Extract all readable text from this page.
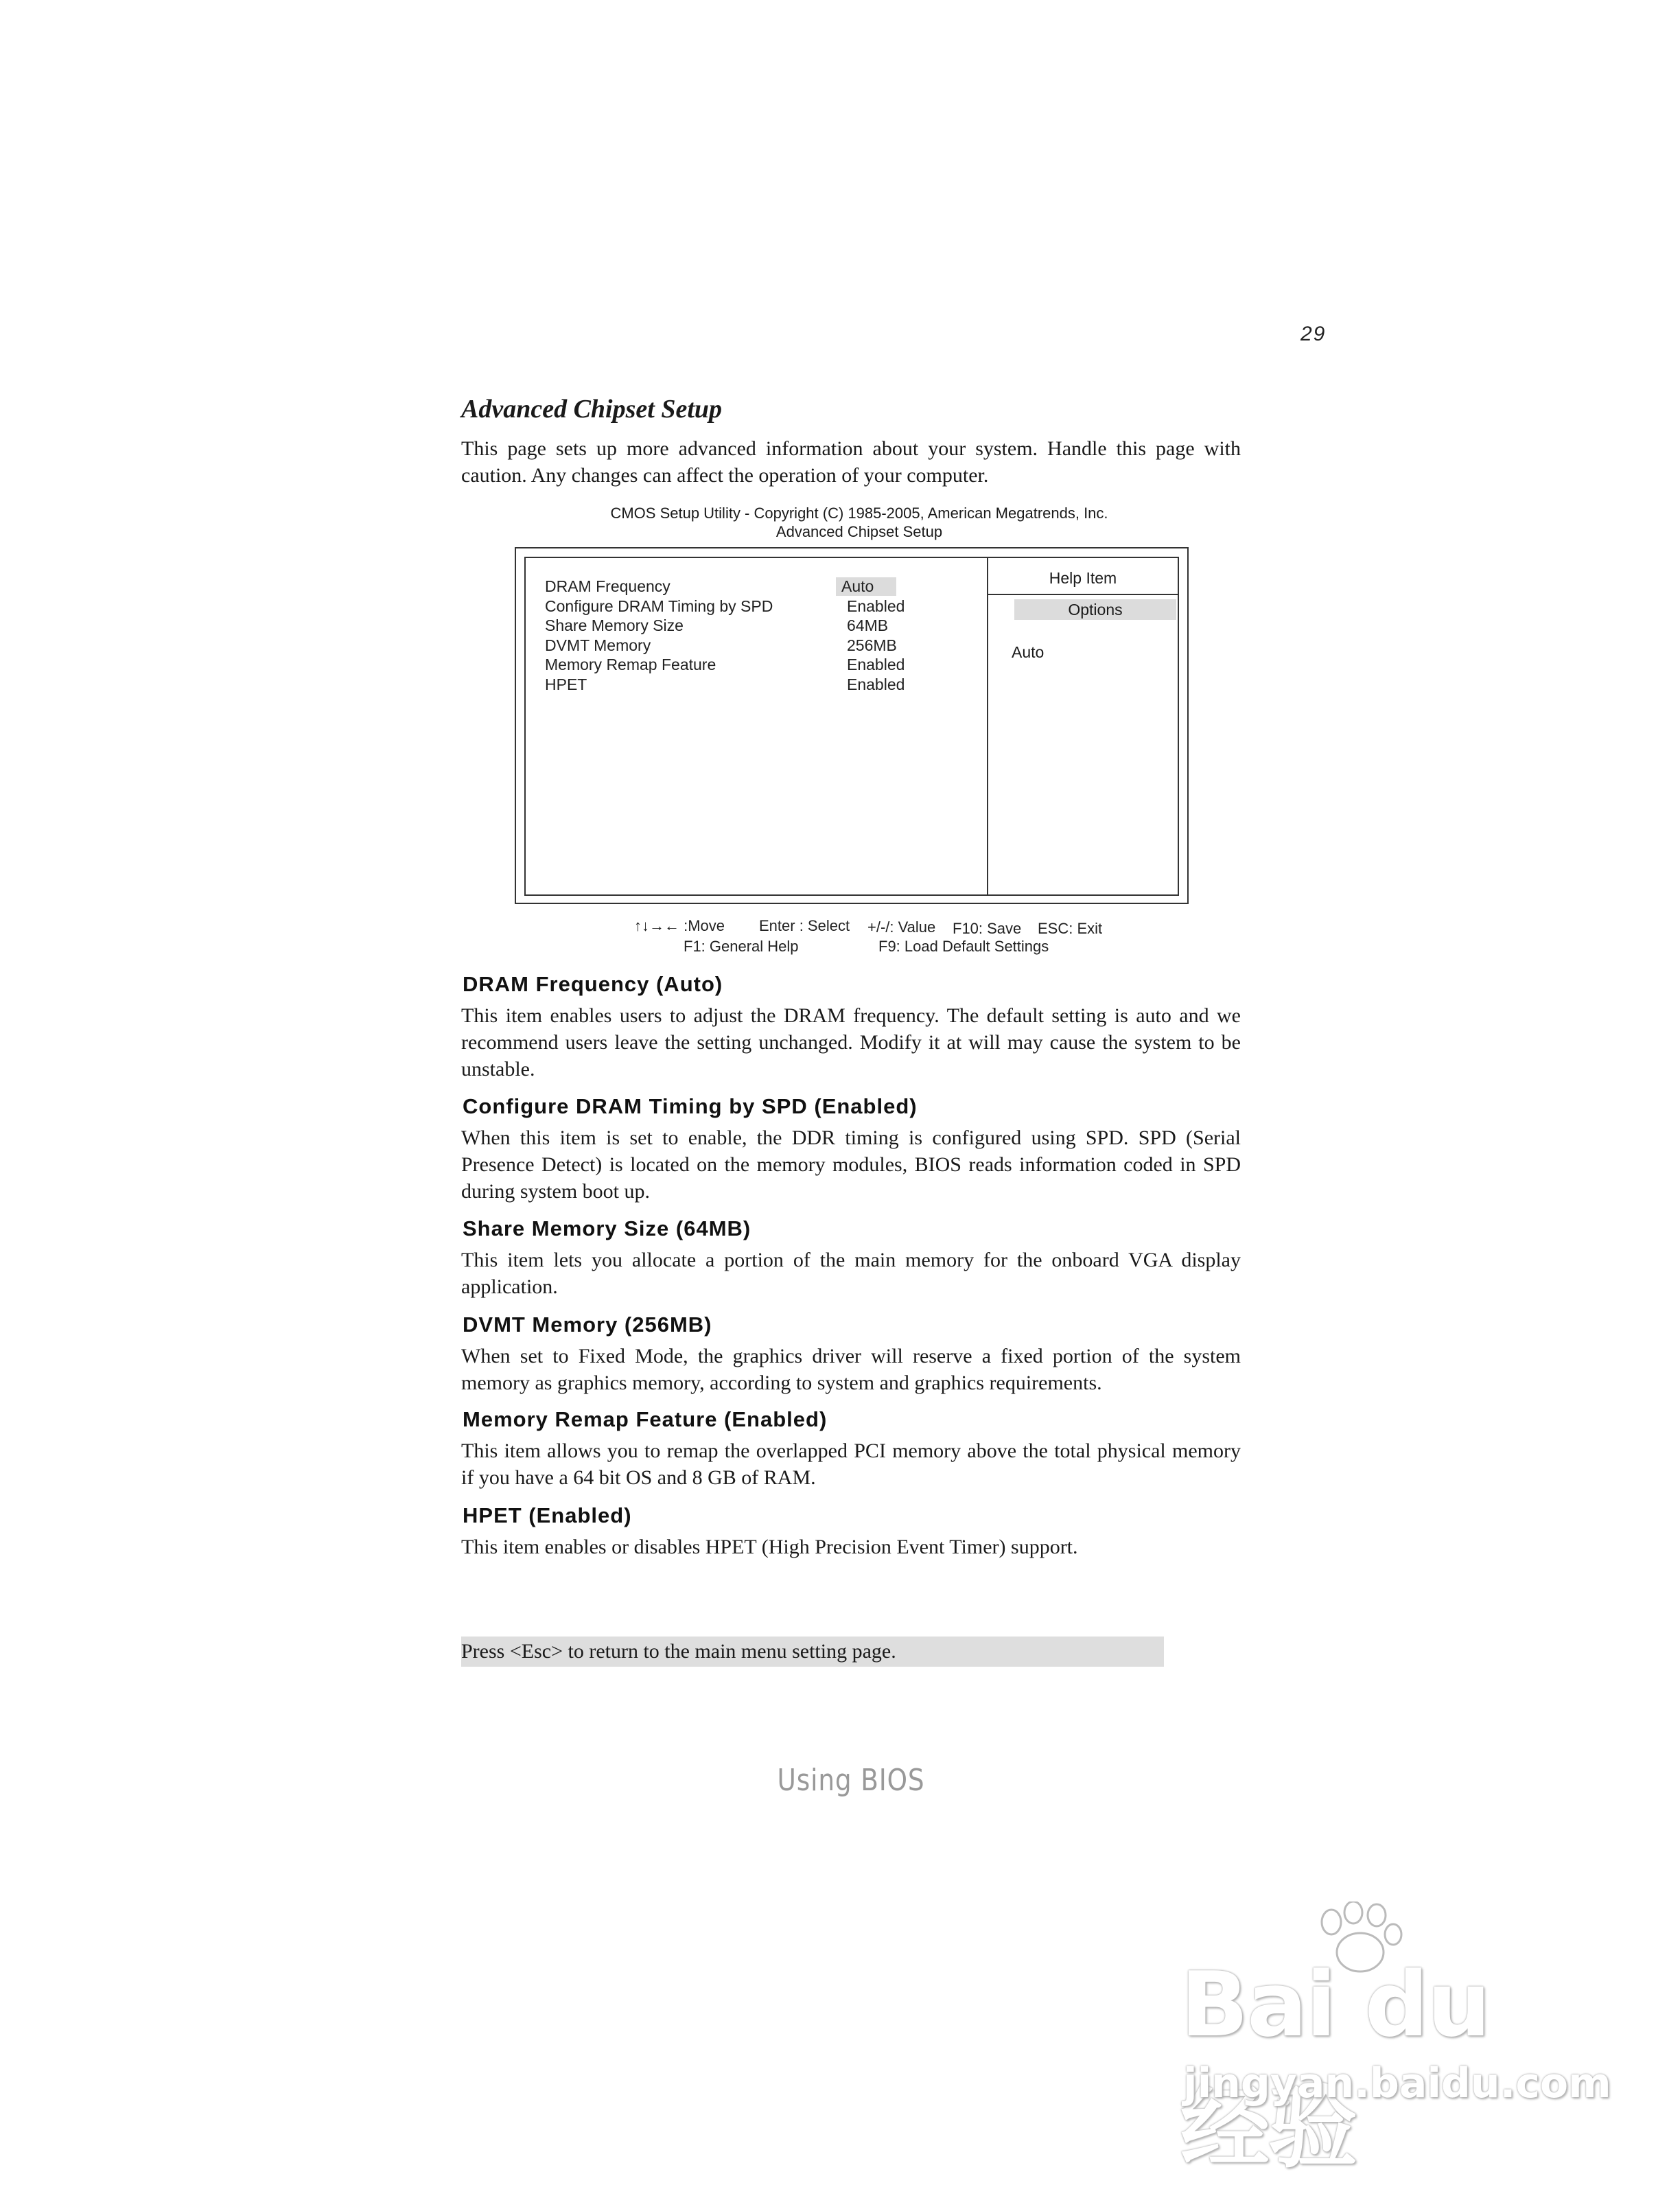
29
Advanced Chipset Setup
This page sets up more advanced information about your system. Handle this page with caution. Any changes can affect the operation of your computer.
CMOS Setup Utility - Copyright (C) 1985-2005, American Megatrends, Inc.
Advanced Chipset Setup
DRAM Frequency	Auto
Configure DRAM Timing by SPD	Enabled
Share Memory Size	64MB
DVMT Memory	256MB
Memory Remap Feature	Enabled
HPET	Enabled
Help Item
Options
Auto
↑↓→← :Move Enter : Select +/-/: Value F10: Save ESC: Exit
F1: General Help	F9: Load Default Settings
DRAM Frequency (Auto)
This item enables users to adjust the DRAM frequency. The default setting is auto and we recommend users leave the setting unchanged. Modify it at will may cause the system to be unstable.
Configure DRAM Timing by SPD (Enabled)
When this item is set to enable, the DDR timing is configured using SPD. SPD (Serial Presence Detect) is located on the memory modules, BIOS reads information coded in SPD during system boot up.
Share Memory Size (64MB)
This item lets you allocate a portion of the main memory for the onboard VGA display application.
DVMT Memory (256MB)
When set to Fixed Mode, the graphics driver will reserve a fixed portion of the system memory as graphics memory, according to system and graphics requirements.
Memory Remap Feature (Enabled)
This item allows you to remap the overlapped PCI memory above the total physical memory if you have a 64 bit OS and 8 GB of RAM.
HPET (Enabled)
This item enables or disables HPET (High Precision Event Timer) support.
Press <Esc> to return to the main menu setting page.
Using BIOS
Bai du 经验
jingyan.baidu.com
